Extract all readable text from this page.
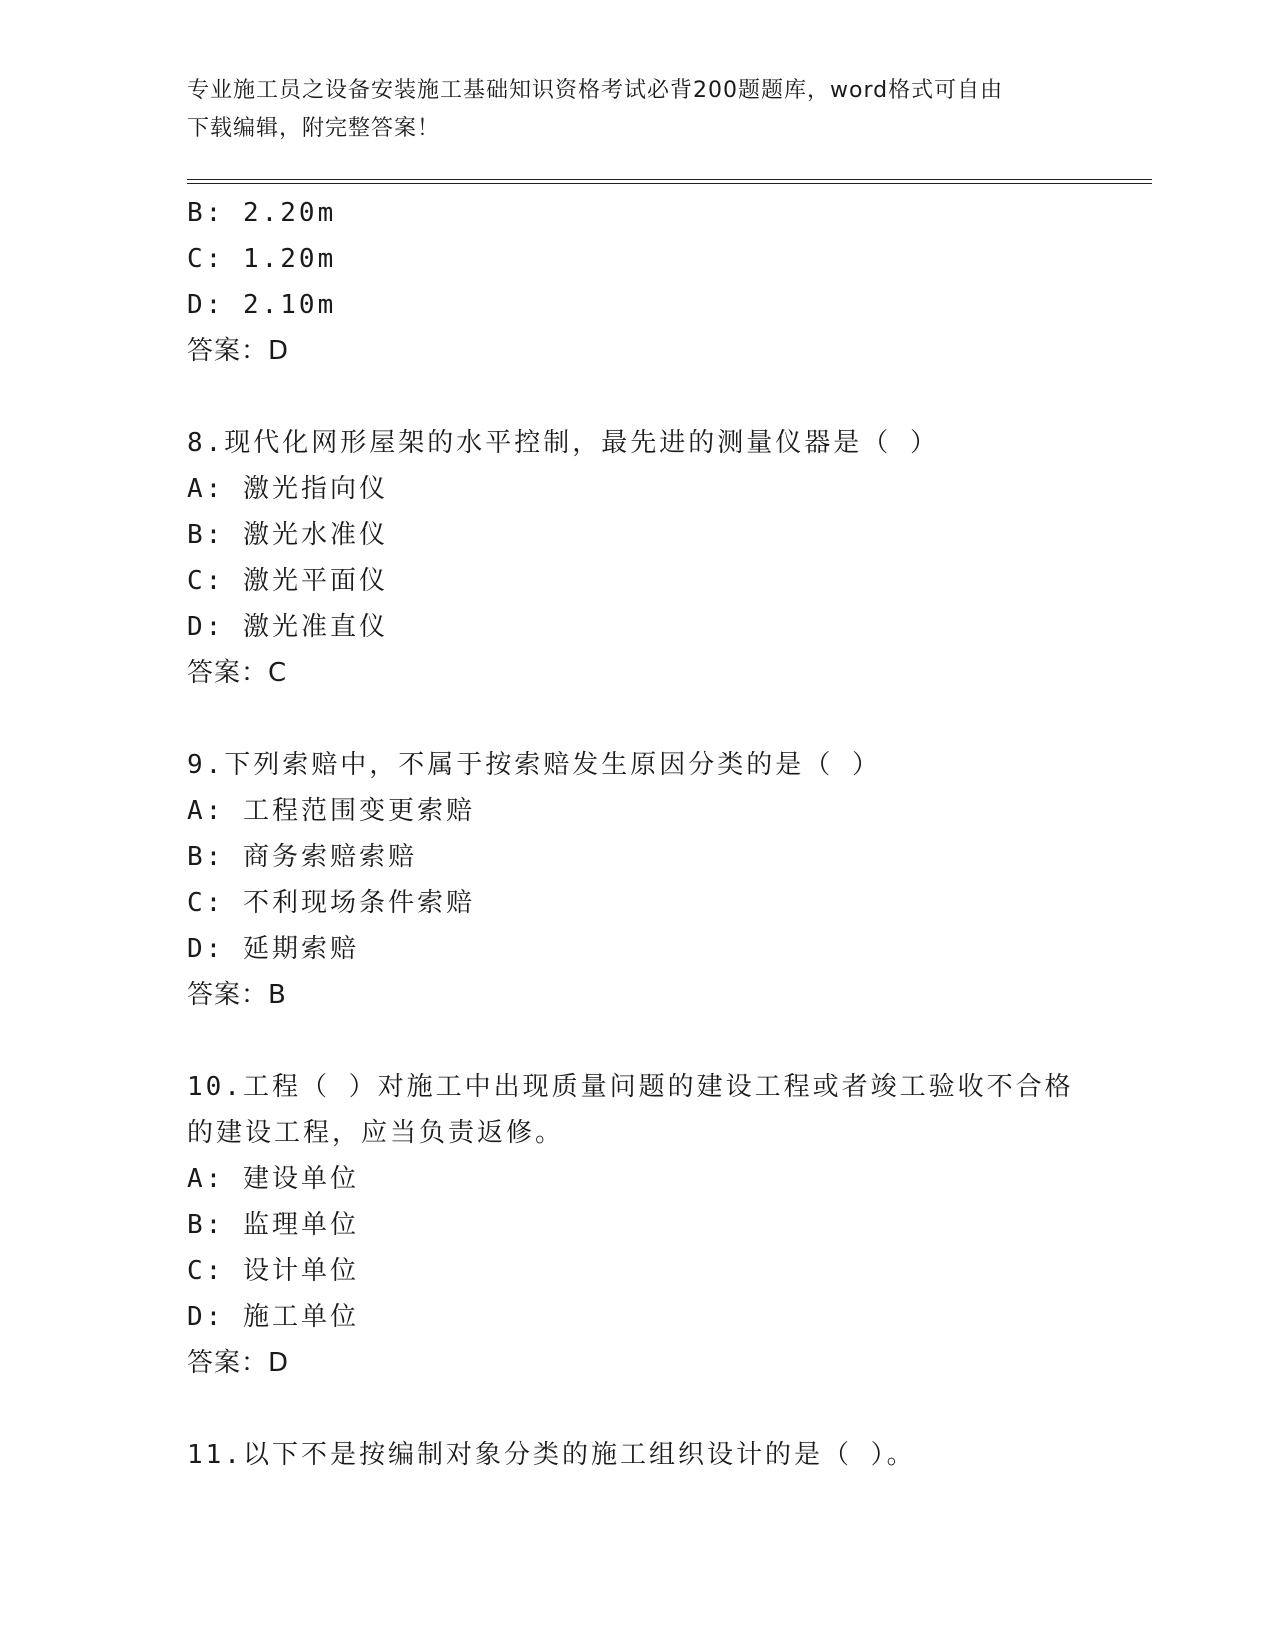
专业施工员之设备安装施工基础知识资格考试必背200题题库，word格式可自由
下载编辑，附完整答案！
B: 2.20m
C: 1.20m
D: 2.10m
答案：D
8.现代化网形屋架的水平控制，最先进的测量仪器是（ ）
A: 激光指向仪
B: 激光水准仪
C: 激光平面仪
D: 激光准直仪
答案：C
9.下列索赔中，不属于按索赔发生原因分类的是（ ）
A: 工程范围变更索赔
B: 商务索赔索赔
C: 不利现场条件索赔
D: 延期索赔
答案：B
10.工程（ ）对施工中出现质量问题的建设工程或者竣工验收不合格
的建设工程，应当负责返修。
A: 建设单位
B: 监理单位
C: 设计单位
D: 施工单位
答案：D
11.以下不是按编制对象分类的施工组织设计的是（ ）。
